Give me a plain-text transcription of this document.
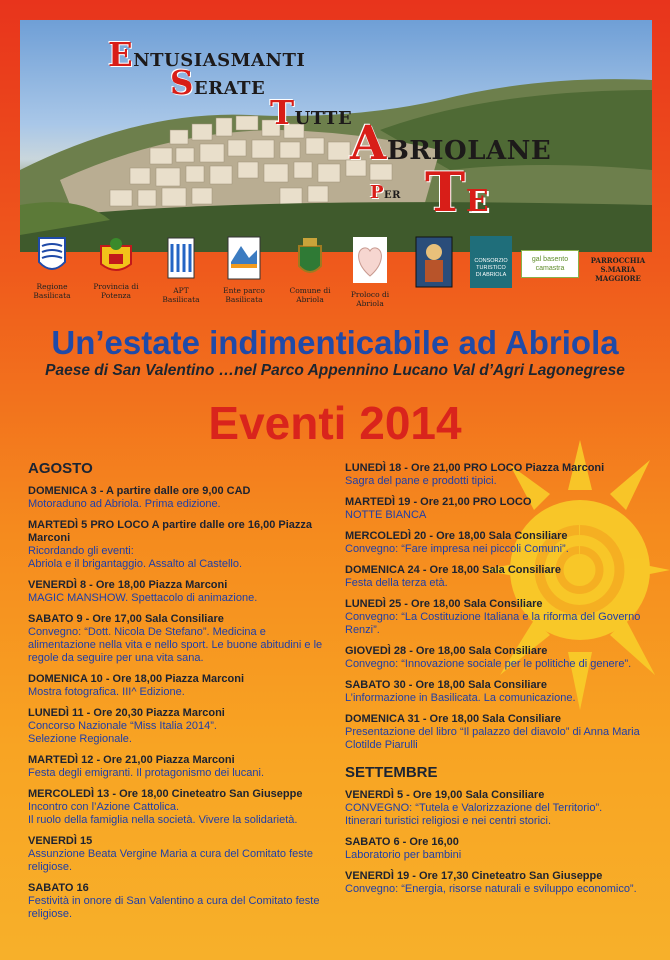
ENTUSIASMANTI
SERATE
TUTTE
ABRIOLANE
PER TE
Regione
Basilicata
Provincia di
Potenza
APT
Basilicata
Ente parco
Basilicata
Comune di
Abriola
Proloco di
Abriola
CONSORZIO
TURISTICO
DI ABRIOLA
gal basento camastra
PARROCCHIA
S.MARIA MAGGIORE
Un’estate indimenticabile ad Abriola
Paese di San Valentino …nel Parco Appennino Lucano Val d’Agri Lagonegrese
Eventi 2014
AGOSTO
DOMENICA 3 - A partire dalle ore 9,00 CAD
Motoraduno ad Abriola. Prima edizione.
MARTEDÌ 5 PRO LOCO A partire dalle ore 16,00 Piazza Marconi
Ricordando gli eventi:
Abriola e il brigantaggio. Assalto al Castello.
VENERDÌ 8 - Ore 18,00 Piazza Marconi
MAGIC MANSHOW. Spettacolo di animazione.
SABATO 9 - Ore 17,00 Sala Consiliare
Convegno: “Dott. Nicola De Stefano”. Medicina e alimentazione nella vita e nello sport. Le buone abitudini e le regole da seguire per una vita sana.
DOMENICA 10 - Ore 18,00 Piazza Marconi
Mostra fotografica. III^ Edizione.
LUNEDÌ 11 - Ore 20,30 Piazza Marconi
Concorso Nazionale “Miss Italia 2014”.
Selezione Regionale.
MARTEDÌ 12 - Ore 21,00 Piazza Marconi
Festa degli emigranti. Il protagonismo dei lucani.
MERCOLEDÌ 13 - Ore 18,00 Cineteatro San Giuseppe
Incontro con l’Azione Cattolica.
Il ruolo della famiglia nella società. Vivere la solidarietà.
VENERDÌ 15
Assunzione Beata Vergine Maria a cura del Comitato feste religiose.
SABATO 16
Festività in onore di San Valentino a cura del Comitato feste religiose.
LUNEDÌ 18 - Ore 21,00 PRO LOCO Piazza Marconi
Sagra del pane e prodotti tipici.
MARTEDÌ 19 - Ore 21,00 PRO LOCO
NOTTE BIANCA
MERCOLEDÌ 20 - Ore 18,00 Sala Consiliare
Convegno: “Fare impresa nei piccoli Comuni”.
DOMENICA 24 - Ore 18,00 Sala Consiliare
Festa della terza età.
LUNEDÌ 25 - Ore 18,00 Sala Consiliare
Convegno: “La Costituzione Italiana e la riforma del Governo Renzi”.
GIOVEDÌ 28 - Ore 18,00 Sala Consiliare
Convegno: “Innovazione sociale per le politiche di genere”.
SABATO 30 - Ore 18,00 Sala Consiliare
L’informazione in Basilicata. La comunicazione.
DOMENICA 31 - Ore 18,00 Sala Consiliare
Presentazione del libro “Il palazzo del diavolo” di Anna Maria Clotilde Piarulli
SETTEMBRE
VENERDÌ 5 - Ore 19,00 Sala Consiliare
CONVEGNO: “Tutela e Valorizzazione del Territorio”.
Itinerari turistici religiosi e nei centri storici.
SABATO 6 - Ore 16,00
Laboratorio per bambini
VENERDÌ 19 - Ore 17,30 Cineteatro San Giuseppe
Convegno: “Energia, risorse naturali e sviluppo economico”.
